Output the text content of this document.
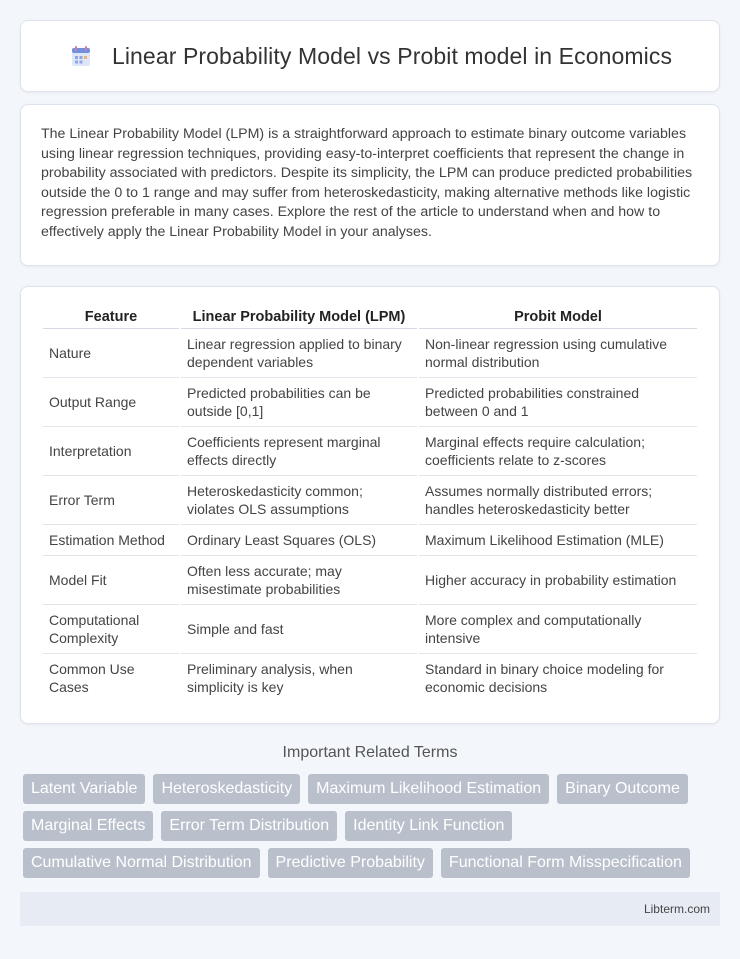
Linear Probability Model vs Probit model in Economics

The Linear Probability Model (LPM) is a straightforward approach to estimate binary outcome variables using linear regression techniques, providing easy-to-interpret coefficients that represent the change in probability associated with predictors. Despite its simplicity, the LPM can produce predicted probabilities outside the 0 to 1 range and may suffer from heteroskedasticity, making alternative methods like logistic regression preferable in many cases. Explore the rest of the article to understand when and how to effectively apply the Linear Probability Model in your analyses.

Feature	Linear Probability Model (LPM)	Probit Model
Nature	Linear regression applied to binary dependent variables	Non-linear regression using cumulative normal distribution
Output Range	Predicted probabilities can be outside [0,1]	Predicted probabilities constrained between 0 and 1
Interpretation	Coefficients represent marginal effects directly	Marginal effects require calculation; coefficients relate to z-scores
Error Term	Heteroskedasticity common; violates OLS assumptions	Assumes normally distributed errors; handles heteroskedasticity better
Estimation Method	Ordinary Least Squares (OLS)	Maximum Likelihood Estimation (MLE)
Model Fit	Often less accurate; may misestimate probabilities	Higher accuracy in probability estimation
Computational Complexity	Simple and fast	More complex and computationally intensive
Common Use Cases	Preliminary analysis, when simplicity is key	Standard in binary choice modeling for economic decisions
Important Related Terms
Latent Variable	Heteroskedasticity	Maximum Likelihood Estimation	Binary Outcome
Marginal Effects	Error Term Distribution	Identity Link Function
Cumulative Normal Distribution	Predictive Probability	Functional Form Misspecification
Libterm.com
